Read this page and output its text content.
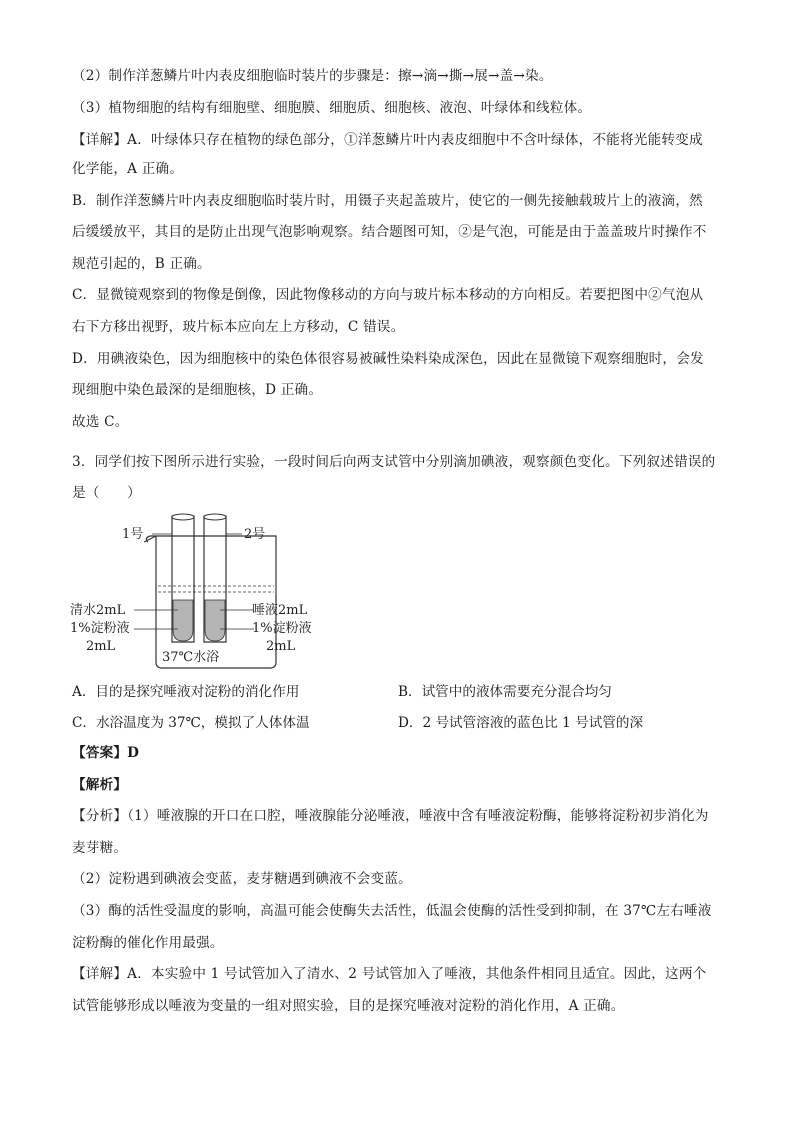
（2）制作洋葱鳞片叶内表皮细胞临时装片的步骤是：擦→滴→撕→展→盖→染。
（3）植物细胞的结构有细胞壁、细胞膜、细胞质、细胞核、液泡、叶绿体和线粒体。
【详解】A．叶绿体只存在植物的绿色部分，①洋葱鳞片叶内表皮细胞中不含叶绿体，不能将光能转变成
化学能，A 正确。
B．制作洋葱鳞片叶内表皮细胞临时装片时，用镊子夹起盖玻片，使它的一侧先接触载玻片上的液滴，然
后缓缓放平，其目的是防止出现气泡影响观察。结合题图可知，②是气泡，可能是由于盖盖玻片时操作不
规范引起的，B 正确。
C．显微镜观察到的物像是倒像，因此物像移动的方向与玻片标本移动的方向相反。若要把图中②气泡从
右下方移出视野，玻片标本应向左上方移动，C 错误。
D．用碘液染色，因为细胞核中的染色体很容易被碱性染料染成深色，因此在显微镜下观察细胞时，会发
现细胞中染色最深的是细胞核，D 正确。
故选 C。
3．同学们按下图所示进行实验，一段时间后向两支试管中分别滴加碘液，观察颜色变化。下列叙述错误的
是（　　）
1号	2号
清水2mL
1%淀粉液
2mL
唾液2mL
1%淀粉液
2mL
37℃水浴
A．目的是探究唾液对淀粉的消化作用	B．试管中的液体需要充分混合均匀
C．水浴温度为 37℃，模拟了人体体温	D．2 号试管溶液的蓝色比 1 号试管的深
【答案】D
【解析】
【分析】（1）唾液腺的开口在口腔，唾液腺能分泌唾液，唾液中含有唾液淀粉酶，能够将淀粉初步消化为
麦芽糖。
（2）淀粉遇到碘液会变蓝，麦芽糖遇到碘液不会变蓝。
（3）酶的活性受温度的影响，高温可能会使酶失去活性，低温会使酶的活性受到抑制，在 37℃左右唾液
淀粉酶的催化作用最强。
【详解】A．本实验中 1 号试管加入了清水、2 号试管加入了唾液，其他条件相同且适宜。因此，这两个
试管能够形成以唾液为变量的一组对照实验，目的是探究唾液对淀粉的消化作用，A 正确。
